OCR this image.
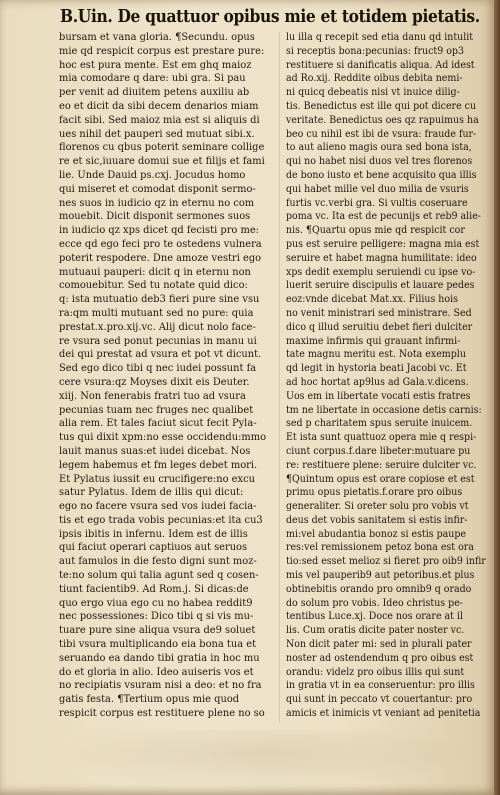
B.Uin. De quattuor opibus mie et totidem pietatis.
bursam et vana gloria. ¶Secundu. opus
mie qd respicit corpus est prestare pure:
hoc est pura mente. Est em ghq maioz
mia comodare q dare: ubi gra. Si pau
per venit ad diuitem petens auxiliu ab
eo et dicit da sibi decem denarios miam
facit sibi. Sed maioz mia est si aliquis di
ues nihil det pauperi sed mutuat sibi.x.
florenos cu qbus poterit seminare collige
re et sic,iuuare domui sue et filijs et fami
lie. Unde Dauid ps.cxj. Jocudus homo
qui miseret et comodat disponit sermo-
nes suos in iudicio qz in eternu no com
mouebit. Dicit disponit sermones suos
in iudicio qz xps dicet qd fecisti pro me:
ecce qd ego feci pro te ostedens vulnera
poterit respodere. Dne amoze vestri ego
mutuaui pauperi: dicit q in eternu non
comouebitur. Sed tu notate quid dico:
q: ista mutuatio deb3 fieri pure sine vsu
ra:qm multi mutuant sed no pure: quia
prestat.x.pro.xij.vc. Alij dicut nolo face-
re vsura sed ponut pecunias in manu ui
dei qui prestat ad vsura et pot vt dicunt.
Sed ego dico tibi q nec iudei possunt fa
cere vsura:qz Moyses dixit eis Deuter.
xiij. Non fenerabis fratri tuo ad vsura
pecunias tuam nec fruges nec qualibet
alia rem. Et tales faciut sicut fecit Pyla-
tus qui dixit xpm:no esse occidendu:mmo
lauit manus suas:et iudei dicebat. Nos
legem habemus et fm leges debet mori.
Et Pylatus iussit eu crucifigere:no excu
satur Pylatus. Idem de illis qui dicut:
ego no facere vsura sed vos iudei facia-
tis et ego trada vobis pecunias:et ita cu3
ipsis ibitis in infernu. Idem est de illis
qui faciut operari captiuos aut seruos
aut famulos in die festo digni sunt moz-
te:no solum qui talia agunt sed q cosen-
tiunt facientib9. Ad Rom.j. Si dicas:de
quo ergo viua ego cu no habea reddit9
nec possessiones: Dico tibi q si vis mu-
tuare pure sine aliqua vsura de9 soluet
tibi vsura multiplicando eia bona tua et
seruando ea dando tibi gratia in hoc mu
do et gloria in alio. Ideo auiseris vos et
no recipiatis vsuram nisi a deo: et no fra
gatis festa. ¶Tertium opus mie quod
respicit corpus est restituere plene no so
lu illa q recepit sed etia danu qd intulit
si receptis bona:pecunias: fruct9 op3
restituere si danificatis aliqua. Ad idest
ad Ro.xij. Reddite oibus debita nemi-
ni quicq debeatis nisi vt inuice dilig-
tis. Benedictus est ille qui pot dicere cu
veritate. Benedictus oes qz rapuimus ha
beo cu nihil est ibi de vsura: fraude fur-
to aut alieno magis oura sed bona ista,
qui no habet nisi duos vel tres florenos
de bono iusto et bene acquisito qua illis
qui habet mille vel duo milia de vsuris
furtis vc.verbi gra. Si vultis coseruare
poma vc. Ita est de pecunijs et reb9 alie-
nis. ¶Quartu opus mie qd respicit cor
pus est seruire pelligere: magna mia est
seruire et habet magna humilitate: ideo
xps dedit exemplu seruiendi cu ipse vo-
luerit seruire discipulis et lauare pedes
eoz:vnde dicebat Mat.xx. Filius hois
no venit ministrari sed ministrare. Sed
dico q illud seruitiu debet fieri dulciter
maxime infirmis qui grauant infirmi-
tate magnu meritu est. Nota exemplu
qd legit in hystoria beati Jacobi vc. Et
ad hoc hortat ap9lus ad Gala.v.dicens.
Uos em in libertate vocati estis fratres
tm ne libertate in occasione detis carnis:
sed p charitatem spus seruite inuicem.
Et ista sunt quattuoz opera mie q respi-
ciunt corpus.f.dare libeter:mutuare pu
re: restituere plene: seruire dulciter vc.
¶Quintum opus est orare copiose et est
primu opus pietatis.f.orare pro oibus
generaliter. Si oreter solu pro vobis vt
deus det vobis sanitatem si estis infir-
mi:vel abudantia bonoz si estis paupe
res:vel remissionem petoz bona est ora
tio:sed esset melioz si fieret pro oib9 infir
mis vel pauperib9 aut petoribus.et plus
obtinebitis orando pro omnib9 q orado
do solum pro vobis. Ideo christus pe-
tentibus Luce.xj. Doce nos orare at il
lis. Cum oratis dicite pater noster vc.
Non dicit pater mi: sed in plurali pater
noster ad ostendendum q pro oibus est
orandu: videlz pro oibus illis qui sunt
in gratia vt in ea conseruentur: pro illis
qui sunt in peccato vt couertantur: pro
amicis et inimicis vt veniant ad penitetia
